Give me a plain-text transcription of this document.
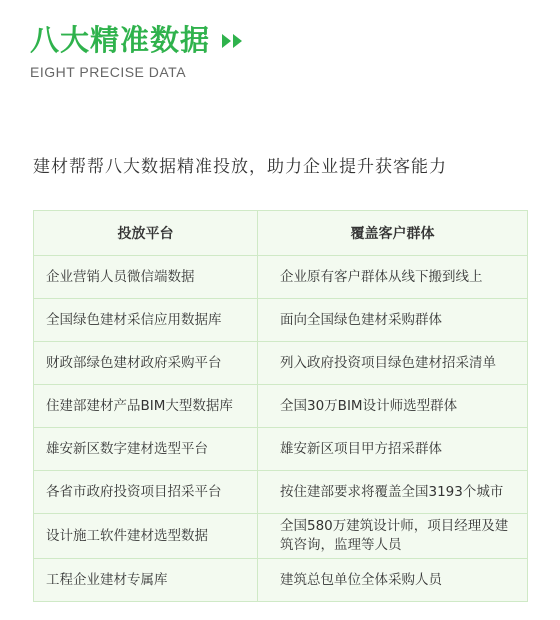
八大精准数据
EIGHT PRECISE DATA
建材帮帮八大数据精准投放，助力企业提升获客能力
投放平台	覆盖客户群体
企业营销人员微信端数据	企业原有客户群体从线下搬到线上
全国绿色建材采信应用数据库	面向全国绿色建材采购群体
财政部绿色建材政府采购平台	列入政府投资项目绿色建材招采清单
住建部建材产品BIM大型数据库	全国30万BIM设计师选型群体
雄安新区数字建材选型平台	雄安新区项目甲方招采群体
各省市政府投资项目招采平台	按住建部要求将覆盖全国3193个城市
设计施工软件建材选型数据	全国580万建筑设计师，项目经理及建筑咨询，监理等人员
工程企业建材专属库	建筑总包单位全体采购人员
